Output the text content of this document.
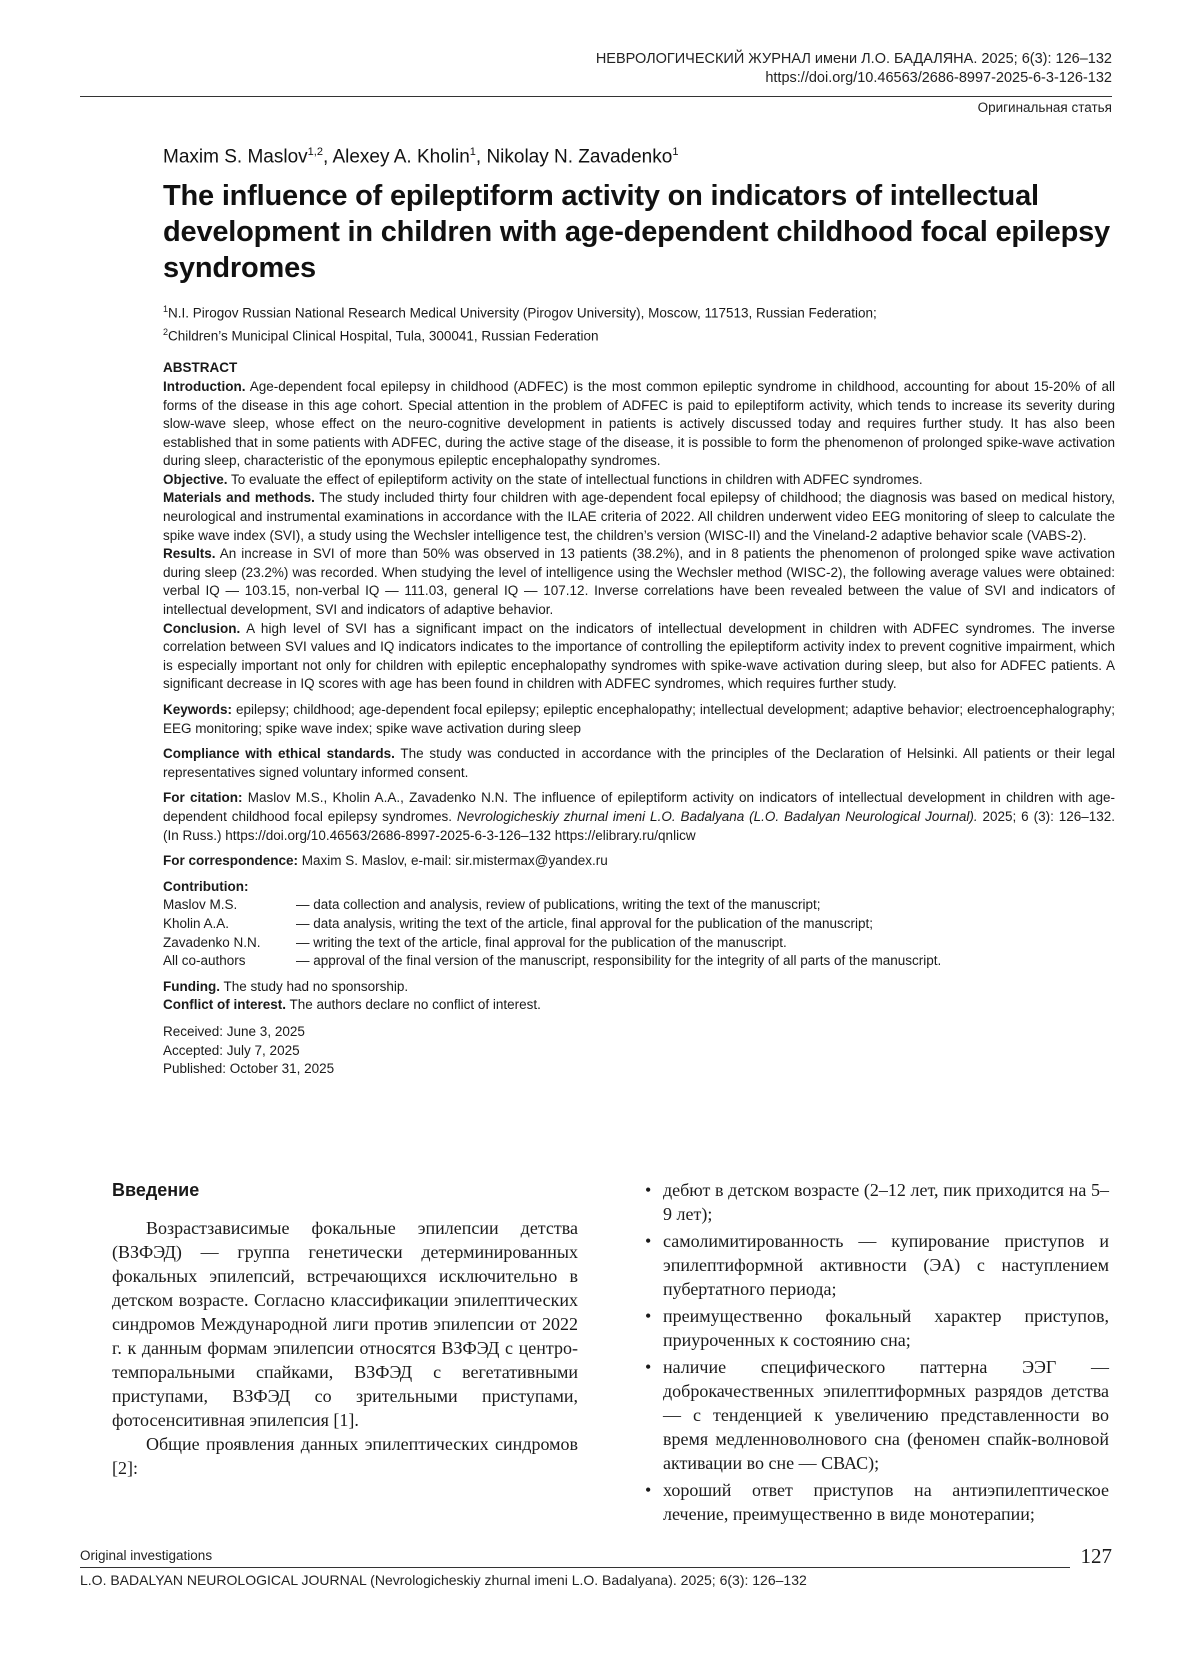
НЕВРОЛОГИЧЕСКИЙ ЖУРНАЛ имени Л.О. БАДАЛЯНА. 2025; 6(3): 126–132
https://doi.org/10.46563/2686-8997-2025-6-3-126-132
Оригинальная статья

Maxim S. Maslov$^{1,2}$, Alexey A. Kholin$^1$, Nikolay N. Zavadenko$^1$

The influence of epileptiform activity on indicators of intellectual development in children with age-dependent childhood focal epilepsy syndromes

$^1$N.I. Pirogov Russian National Research Medical University (Pirogov University), Moscow, 117513, Russian Federation;

$^2$Children’s Municipal Clinical Hospital, Tula, 300041, Russian Federation

ABSTRACT

Introduction. Age-dependent focal epilepsy in childhood (ADFEC) is the most common epileptic syndrome in childhood, accounting for about 15-20% of all forms of the disease in this age cohort. Special attention in the problem of ADFEC is paid to epileptiform activity, which tends to increase its severity during slow-wave sleep, whose effect on the neuro-cognitive development in patients is actively discussed today and requires further study. It has also been established that in some patients with ADFEC, during the active stage of the disease, it is possible to form the phenomenon of prolonged spike-wave activation during sleep, characteristic of the eponymous epileptic encephalopathy syndromes.

Objective. To evaluate the effect of epileptiform activity on the state of intellectual functions in children with ADFEC syndromes.

Materials and methods. The study included thirty four children with age-dependent focal epilepsy of childhood; the diagnosis was based on medical history, neurological and instrumental examinations in accordance with the ILAE criteria of 2022. All children underwent video EEG monitoring of sleep to calculate the spike wave index (SVI), a study using the Wechsler intelligence test, the children’s version (WISC-II) and the Vineland-2 adaptive behavior scale (VABS-2).

Results. An increase in SVI of more than 50% was observed in 13 patients (38.2%), and in 8 patients the phenomenon of prolonged spike wave activation during sleep (23.2%) was recorded. When studying the level of intelligence using the Wechsler method (WISC-2), the following average values were obtained: verbal IQ — 103.15, non-verbal IQ — 111.03, general IQ — 107.12. Inverse correlations have been revealed between the value of SVI and indicators of intellectual development, SVI and indicators of adaptive behavior.

Conclusion. A high level of SVI has a significant impact on the indicators of intellectual development in children with ADFEC syndromes. The inverse correlation between SVI values and IQ indicators indicates to the importance of controlling the epileptiform activity index to prevent cognitive impairment, which is especially important not only for children with epileptic encephalopathy syndromes with spike-wave activation during sleep, but also for ADFEC patients. A significant decrease in IQ scores with age has been found in children with ADFEC syndromes, which requires further study.

Keywords: epilepsy; childhood; age-dependent focal epilepsy; epileptic encephalopathy; intellectual development; adaptive behavior; electroencephalography; EEG monitoring; spike wave index; spike wave activation during sleep

Compliance with ethical standards. The study was conducted in accordance with the principles of the Declaration of Helsinki. All patients or their legal representatives signed voluntary informed consent.

For citation: Maslov M.S., Kholin A.A., Zavadenko N.N. The influence of epileptiform activity on indicators of intellectual development in children with age-dependent childhood focal epilepsy syndromes. Nevrologicheskiy zhurnal imeni L.O. Badalyana (L.O. Badalyan Neurological Journal). 2025; 6 (3): 126–132. (In Russ.) https://doi.org/10.46563/2686-8997-2025-6-3-126–132 https://elibrary.ru/qnlicw

For correspondence: Maxim S. Maslov, e-mail: sir.mistermax@yandex.ru

Contribution:

Maslov M.S.	— data collection and analysis, review of publications, writing the text of the manuscript;
Kholin A.A.	— data analysis, writing the text of the article, final approval for the publication of the manuscript;
Zavadenko N.N.	— writing the text of the article, final approval for the publication of the manuscript.
All co-authors	— approval of the final version of the manuscript, responsibility for the integrity of all parts of the manuscript.

Funding. The study had no sponsorship.

Conflict of interest. The authors declare no conflict of interest.

Received: June 3, 2025

Accepted: July 7, 2025

Published: October 31, 2025

Введение

Возрастзависимые фокальные эпилепсии детства (ВЗФЭД) — группа генетически детерминированных фокальных эпилепсий, встречающихся исключительно в детском возрасте. Согласно классификации эпилептических синдромов Международной лиги против эпилепсии от 2022 г. к данным формам эпилепсии относятся ВЗФЭД с центро-темпоральными спайками, ВЗФЭД с вегетативными приступами, ВЗФЭД со зрительными приступами, фотосенситивная эпилепсия [1].

Общие проявления данных эпилептических синдромов [2]:

• дебют в детском возрасте (2–12 лет, пик приходится на 5–9 лет);
• самолимитированность — купирование приступов и эпилептиформной активности (ЭА) с наступлением пубертатного периода;
• преимущественно фокальный характер приступов, приуроченных к состоянию сна;
• наличие специфического паттерна ЭЭГ — доброкачественных эпилептиформных разрядов детства — с тенденцией к увеличению представленности во время медленноволнового сна (феномен спайк-волновой активации во сне — СВАС);
• хороший ответ приступов на антиэпилептическое лечение, преимущественно в виде монотерапии;
Original investigations	127
L.O. BADALYAN NEUROLOGICAL JOURNAL (Nevrologicheskiy zhurnal imeni L.O. Badalyana). 2025; 6(3): 126–132
